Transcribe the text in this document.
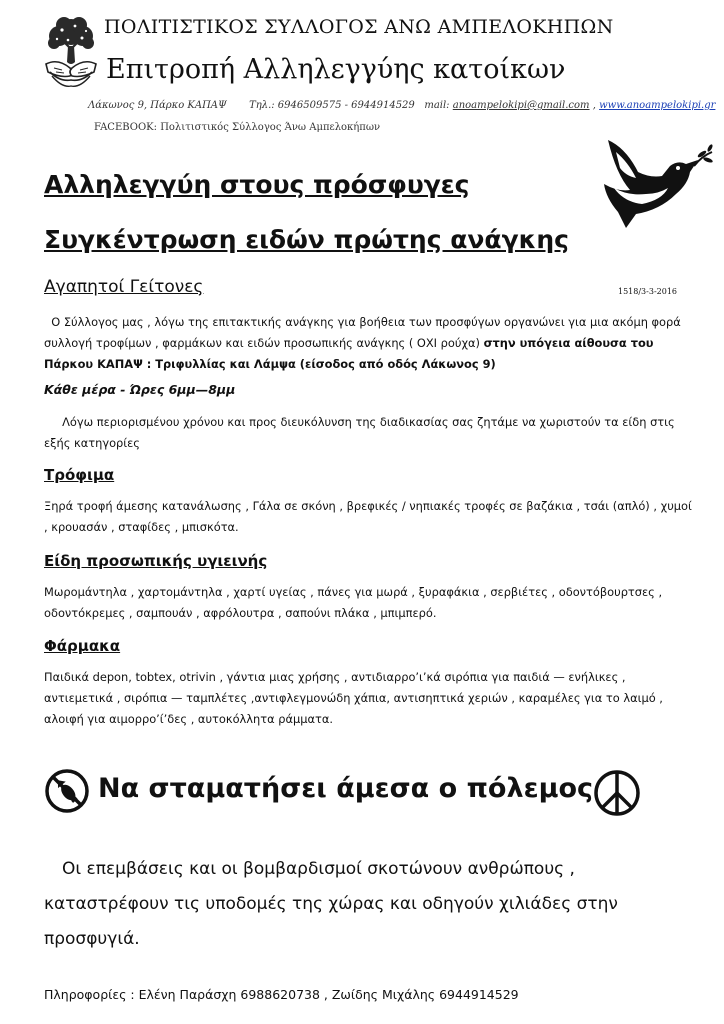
ΠΟΛΙΤΙΣΤΙΚΟΣ ΣΥΛΛΟΓΟΣ ΑΝΩ ΑΜΠΕΛΟΚΗΠΩΝ
Επιτροπή Αλληλεγγύης κατοίκων
Λάκωνος 9, Πάρκο ΚΑΠΑΨ Τηλ.: 6946509575 - 6944914529 mail: anoampelokipi@gmail.com , www.anoampelokipi.gr
FACEBOOK: Πολιτιστικός Σύλλογος Άνω Αμπελοκήπων
Αλληλεγγύη στους πρόσφυγες
Συγκέντρωση ειδών πρώτης ανάγκης
Αγαπητοί Γείτονες	1518/3-3-2016
O Σύλλογος μας , λόγω της επιτακτικής ανάγκης για βοήθεια των προσφύγων οργανώνει για μια ακόμη φορά συλλογή τροφίμων , φαρμάκων και ειδών προσωπικής ανάγκης ( ΟΧΙ ρούχα) στην υπόγεια αίθουσα του Πάρκου ΚΑΠΑΨ : Τριφυλλίας και Λάμψα (είσοδος από οδός Λάκωνος 9)
Κάθε μέρα - Ώρες 6μμ—8μμ
Λόγω περιορισμένου χρόνου και προς διευκόλυνση της διαδικασίας σας ζητάμε να χωριστούν τα είδη στις εξής κατηγορίες
Τρόφιμα
Ξηρά τροφή άμεσης κατανάλωσης , Γάλα σε σκόνη , βρεφικές / νηπιακές τροφές σε βαζάκια , τσάι (απλό) , χυμοί , κρουασάν , σταφίδες , μπισκότα.
Είδη προσωπικής υγιεινής
Μωρομάντηλα , χαρτομάντηλα , χαρτί υγείας , πάνες για μωρά , ξυραφάκια , σερβιέτες , οδοντόβουρτσες , οδοντόκρεμες , σαμπουάν , αφρόλουτρα , σαπούνι πλάκα , μπιμπερό.
Φάρμακα
Παιδικά depon, tobtex, otrivin , γάντια μιας χρήσης , αντιδιαρρο’ι’κά σιρόπια για παιδιά — ενήλικες , αντιεμετικά , σιρόπια — ταμπλέτες ,αντιφλεγμονώδη χάπια, αντισηπτικά χεριών , καραμέλες για το λαιμό , αλοιφή για αιμορρο’ί’δες , αυτοκόλλητα ράμματα.
Να σταματήσει άμεσα ο πόλεμος
Οι επεμβάσεις και οι βομβαρδισμοί σκοτώνουν ανθρώπους , καταστρέφουν τις υποδομές της χώρας και οδηγούν χιλιάδες στην προσφυγιά.
Πληροφορίες : Ελένη Παράσχη 6988620738 , Ζωίδης Μιχάλης 6944914529
